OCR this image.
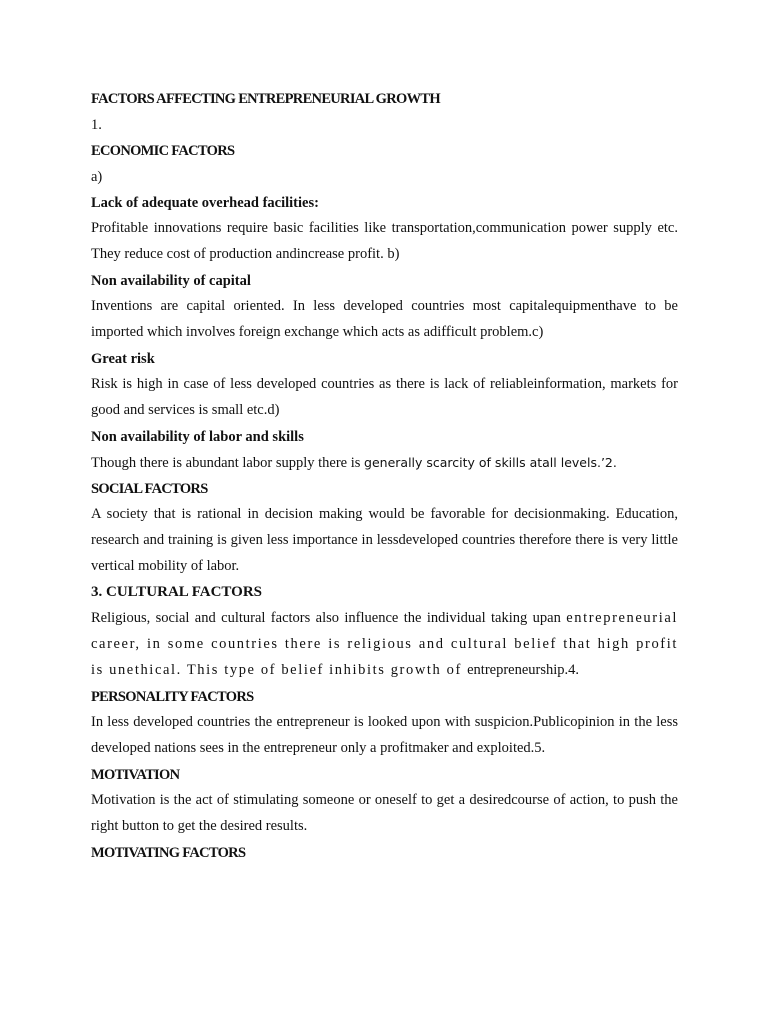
FACTORS AFFECTING ENTREPRENEURIAL GROWTH
1.
ECONOMIC FACTORS
a)
Lack of adequate overhead facilities:

Profitable innovations require basic facilities like transportation,communication power supply etc. They reduce cost of production andincrease profit. b)

Non availability of capital

Inventions are capital oriented. In less developed countries most capitalequipmenthave to be imported which involves foreign exchange which acts as adifficult problem.c)

Great risk

Risk is high in case of less developed countries as there is lack of reliableinformation, markets for good and services is small etc.d)

Non availability of labor and skills

Though there is abundant labor supply there is generally scarcity of skills atall levels.’2.

SOCIAL FACTORS

A society that is rational in decision making would be favorable for decisionmaking. Education, research and training is given less importance in lessdeveloped countries therefore there is very little vertical mobility of labor.

3. CULTURAL FACTORS

Religious, social and cultural factors also influence the individual taking upan entrepreneurial career, in some countries there is religious and cultural belief that high profit is unethical. This type of belief inhibits growth of entrepreneurship.4.

PERSONALITY FACTORS

In less developed countries the entrepreneur is looked upon with suspicion.Publicopinion in the less developed nations sees in the entrepreneur only a profitmaker and exploited.5.

MOTIVATION

Motivation is the act of stimulating someone or oneself to get a desiredcourse of action, to push the right button to get the desired results.

MOTIVATING FACTORS
